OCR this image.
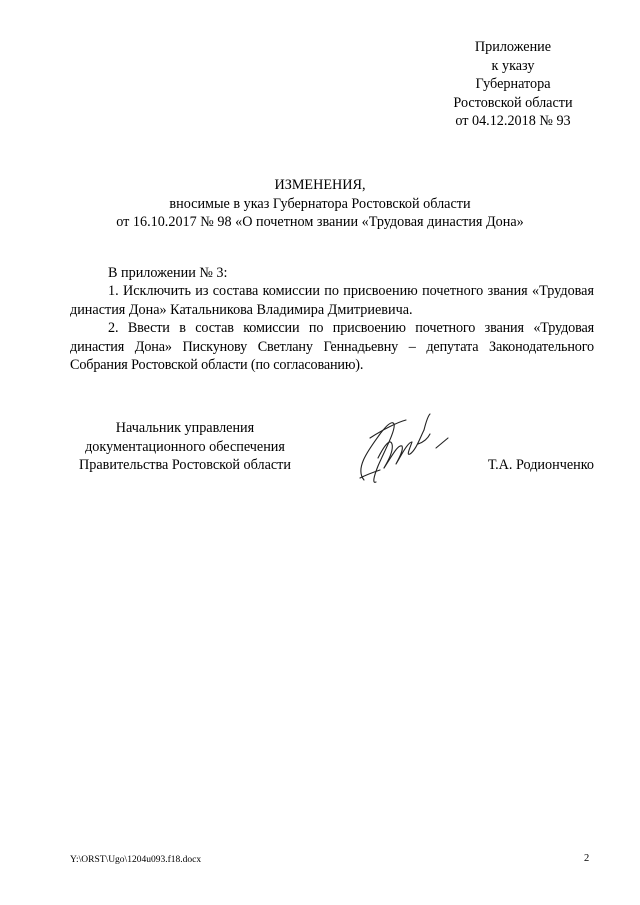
Приложение
к указу
Губернатора
Ростовской области
от 04.12.2018 № 93
ИЗМЕНЕНИЯ,
вносимые в указ Губернатора Ростовской области
от 16.10.2017 № 98 «О почетном звании «Трудовая династия Дона»

В приложении № 3:

1. Исключить из состава комиссии по присвоению почетного звания «Трудовая династия Дона» Катальникова Владимира Дмитриевича.

2. Ввести в состав комиссии по присвоению почетного звания «Трудовая династия Дона» Пискунову Светлану Геннадьевну – депутата Законодательного Собрания Ростовской области (по согласованию).

Начальник управления
документационного обеспечения
Правительства Ростовской области	Т.А. Родионченко
Y:\ORST\Ugo\1204u093.f18.docx	2
